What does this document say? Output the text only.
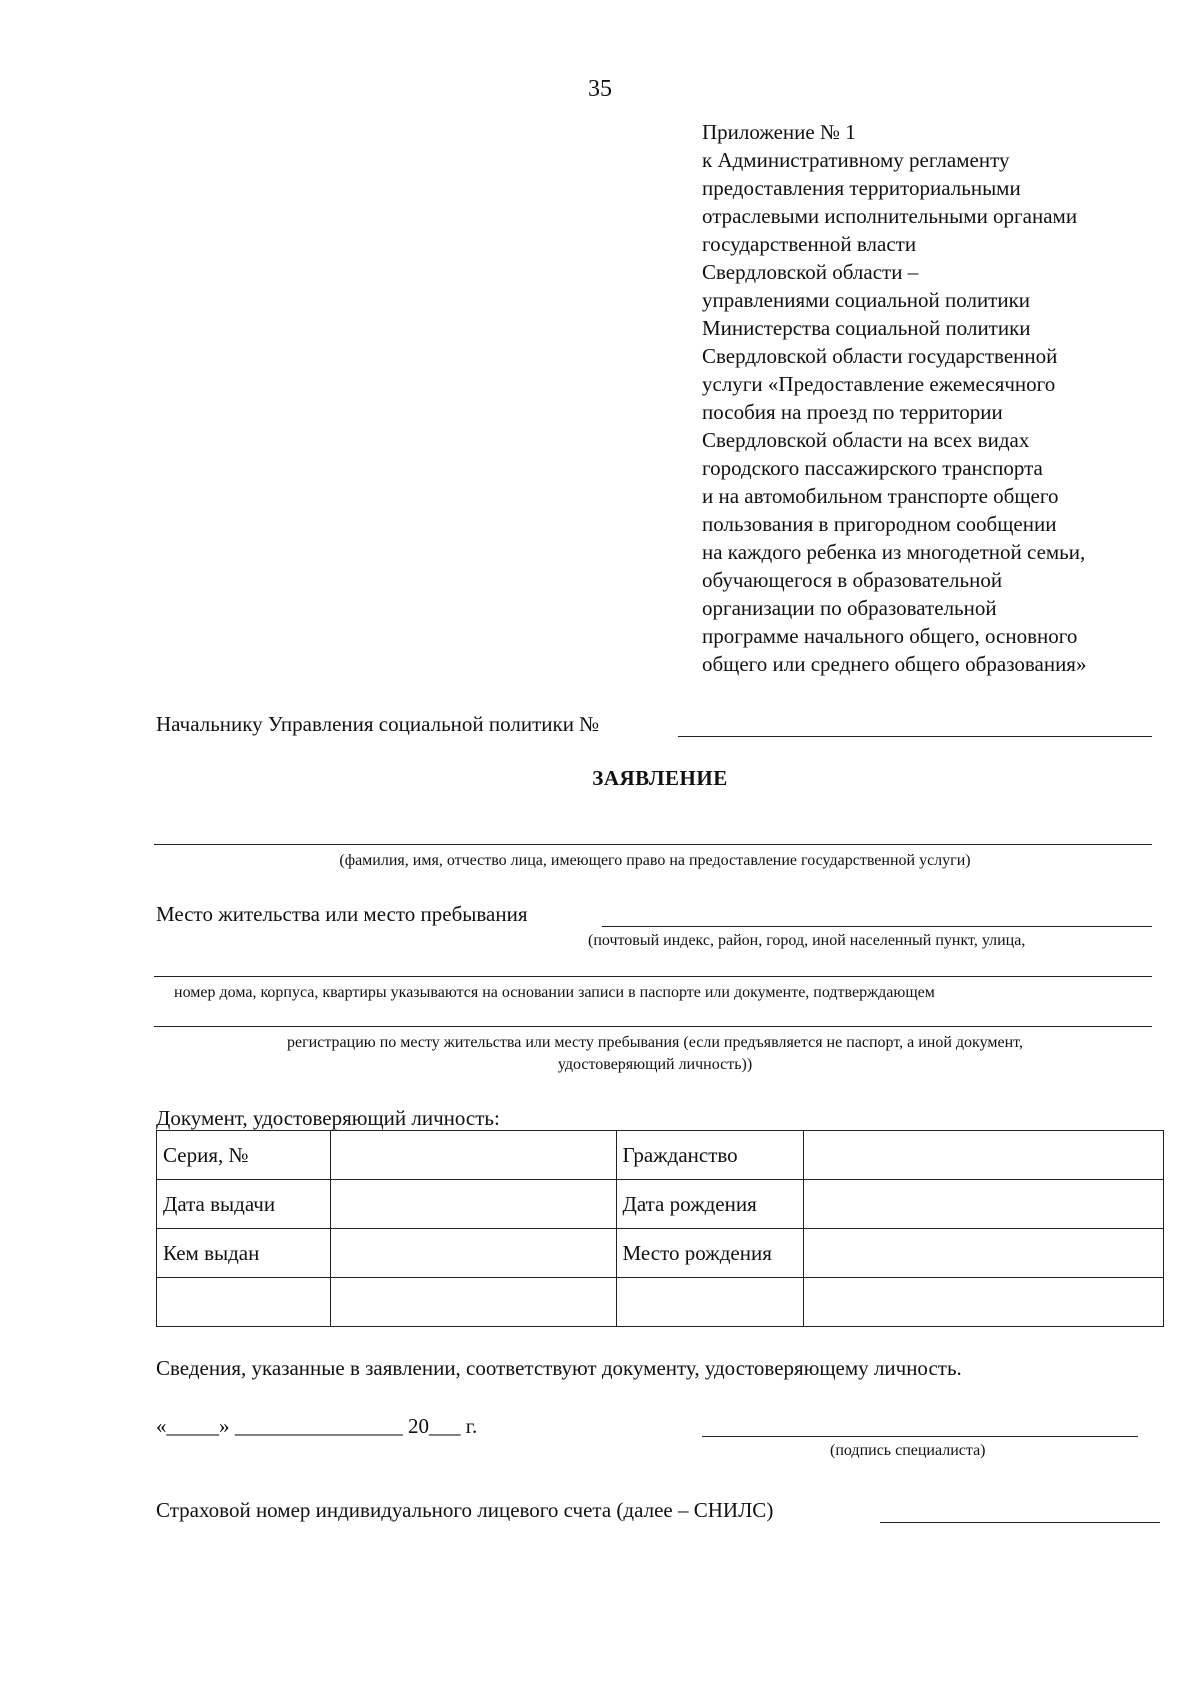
35
Приложение № 1
к Административному регламенту
предоставления территориальными
отраслевыми исполнительными органами
государственной власти
Свердловской области –
управлениями социальной политики
Министерства социальной политики
Свердловской области государственной
услуги «Предоставление ежемесячного
пособия на проезд по территории
Свердловской области на всех видах
городского пассажирского транспорта
и на автомобильном транспорте общего
пользования в пригородном сообщении
на каждого ребенка из многодетной семьи,
обучающегося в образовательной
организации по образовательной
программе начального общего, основного
общего или среднего общего образования»
Начальнику Управления социальной политики №
ЗАЯВЛЕНИЕ
(фамилия, имя, отчество лица, имеющего право на предоставление государственной услуги)
Место жительства или место пребывания
(почтовый индекс, район, город, иной населенный пункт, улица,
номер дома, корпуса, квартиры указываются на основании записи в паспорте или документе, подтверждающем
регистрацию по месту жительства или месту пребывания (если предъявляется не паспорт, а иной документ,
удостоверяющий личность))
Документ, удостоверяющий личность:
Серия, №		Гражданство	
Дата выдачи		Дата рождения	
Кем выдан		Место рождения	

Сведения, указанные в заявлении, соответствуют документу, удостоверяющему личность.
«_____» ________________ 20___ г.
(подпись специалиста)
Страховой номер индивидуального лицевого счета (далее – СНИЛС)
